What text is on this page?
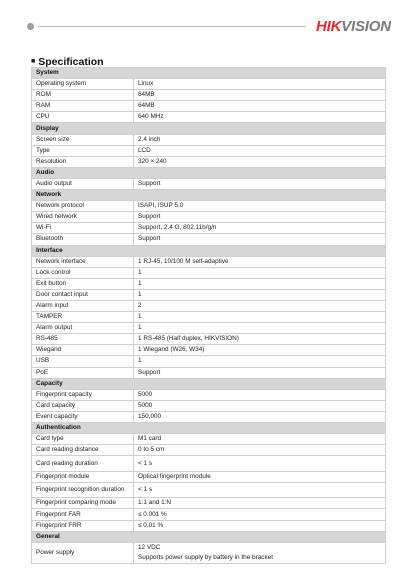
HIKVISION
■ Specification
System	
Operating system	Linux
ROM	64MB
RAM	64MB
CPU	640 MHz
Display	
Screen size	2.4 inch
Type	LCD
Resolution	320 × 240
Audio	
Audio output	Support
Network	
Network protocol	ISAPI, ISUP 5.0
Wired network	Support
Wi-Fi	Support, 2.4 G, 802.11b/g/n
Bluetooth	Support
Interface	
Network interface	1 RJ-45, 10/100 M self-adaptive
Lock control	1
Exit button	1
Door contact input	1
Alarm input	2
TAMPER	1
Alarm output	1
RS-485	1 RS-485 (Half duplex, HIKVISION)
Wiegand	1 Wiegand (W26, W34)
USB	1
PoE	Support
Capacity	
Fingerprint capacity	5000
Card capacity	5000
Event capacity	150,000
Authentication	
Card type	M1 card
Card reading distance	0 to 5 cm
Card reading duration	< 1 s
Fingerprint module	Optical fingerprint module
Fingerprint recognition duration	< 1 s
Fingerprint comparing mode	1:1 and 1:N
Fingerprint FAR	≤ 0.001 %
Fingerprint FRR	≤ 0.01 %
General	
Power supply	12 VDC
Supports power supply by battery in the bracket
